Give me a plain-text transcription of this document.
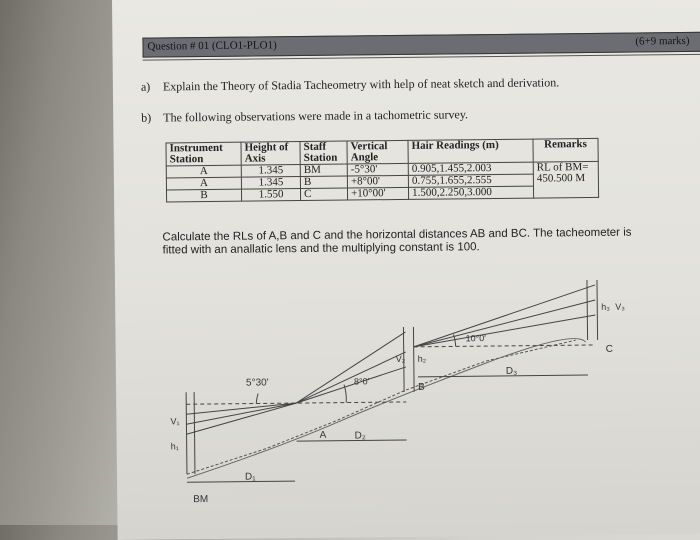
Question # 01 (CLO1-PLO1)	(6+9 marks)
a) Explain the Theory of Stadia Tacheometry with help of neat sketch and derivation.
b) The following observations were made in a tachometric survey.
Instrument Station	Height of Axis	Staff Station	Vertical Angle	Hair Readings (m)	Remarks
A	1.345	BM	-5°30'	0.905,1.455,2.003	RL of BM= 450.500 M
A	1.345	B	+8°00'	0.755,1.655,2.555	
B	1.550	C	+10°00'	1.500,2.250,3.000	
Calculate the RLs of A,B and C and the horizontal distances AB and BC. The tacheometer is fitted with an anallatic lens and the multiplying constant is 100.
5°30'	8°0'
10°0'
A
B
C
BM
D₁
D₂
D₃
V₁
V₂
V₃
h₁
h₂
h₃
